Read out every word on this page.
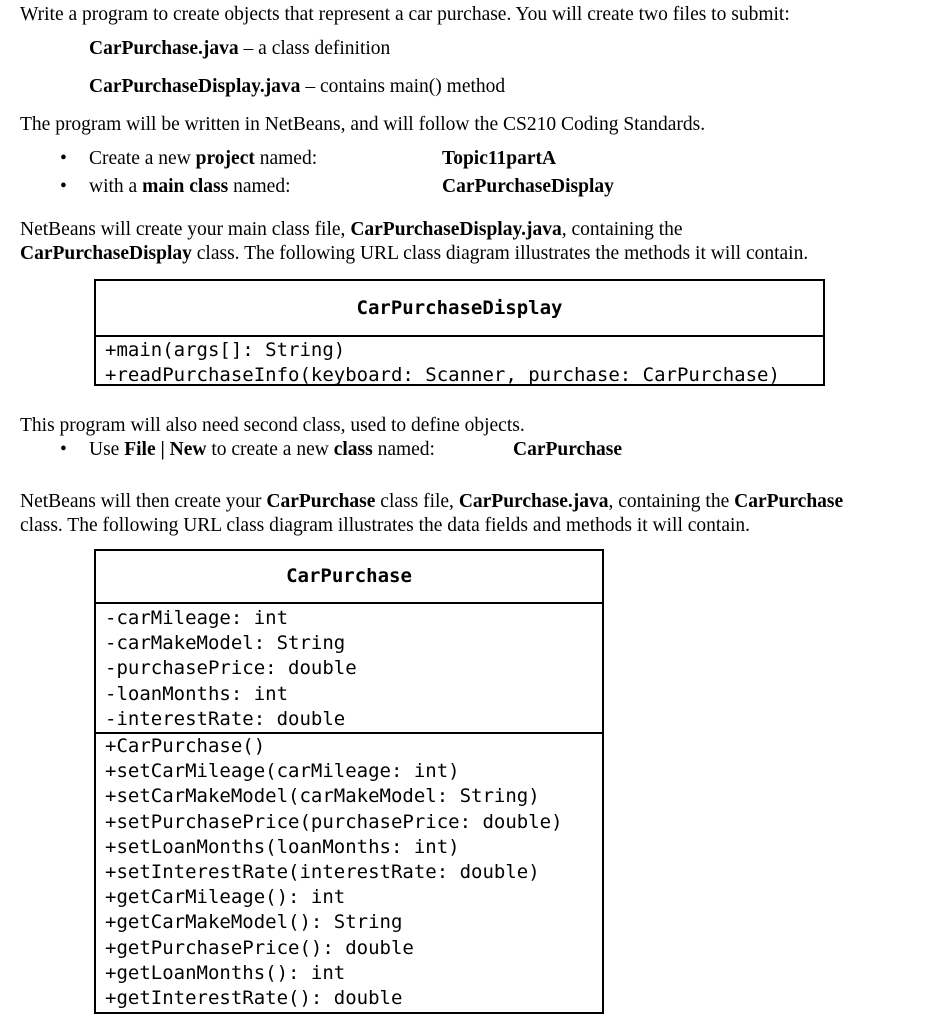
Write a program to create objects that represent a car purchase. You will create two files to submit:
CarPurchase.java – a class definition
CarPurchaseDisplay.java – contains main() method
The program will be written in NetBeans, and will follow the CS210 Coding Standards.
• Create a new project named:	Topic11partA
• with a main class named:	CarPurchaseDisplay
NetBeans will create your main class file, CarPurchaseDisplay.java, containing the
CarPurchaseDisplay class. The following URL class diagram illustrates the methods it will contain.
CarPurchaseDisplay
+main(args[]: String)
+readPurchaseInfo(keyboard: Scanner, purchase: CarPurchase)
This program will also need second class, used to define objects.
• Use File | New to create a new class named:	CarPurchase
NetBeans will then create your CarPurchase class file, CarPurchase.java, containing the CarPurchase
class. The following URL class diagram illustrates the data fields and methods it will contain.
CarPurchase
-carMileage: int
-carMakeModel: String
-purchasePrice: double
-loanMonths: int
-interestRate: double
+CarPurchase()
+setCarMileage(carMileage: int)
+setCarMakeModel(carMakeModel: String)
+setPurchasePrice(purchasePrice: double)
+setLoanMonths(loanMonths: int)
+setInterestRate(interestRate: double)
+getCarMileage(): int
+getCarMakeModel(): String
+getPurchasePrice(): double
+getLoanMonths(): int
+getInterestRate(): double
